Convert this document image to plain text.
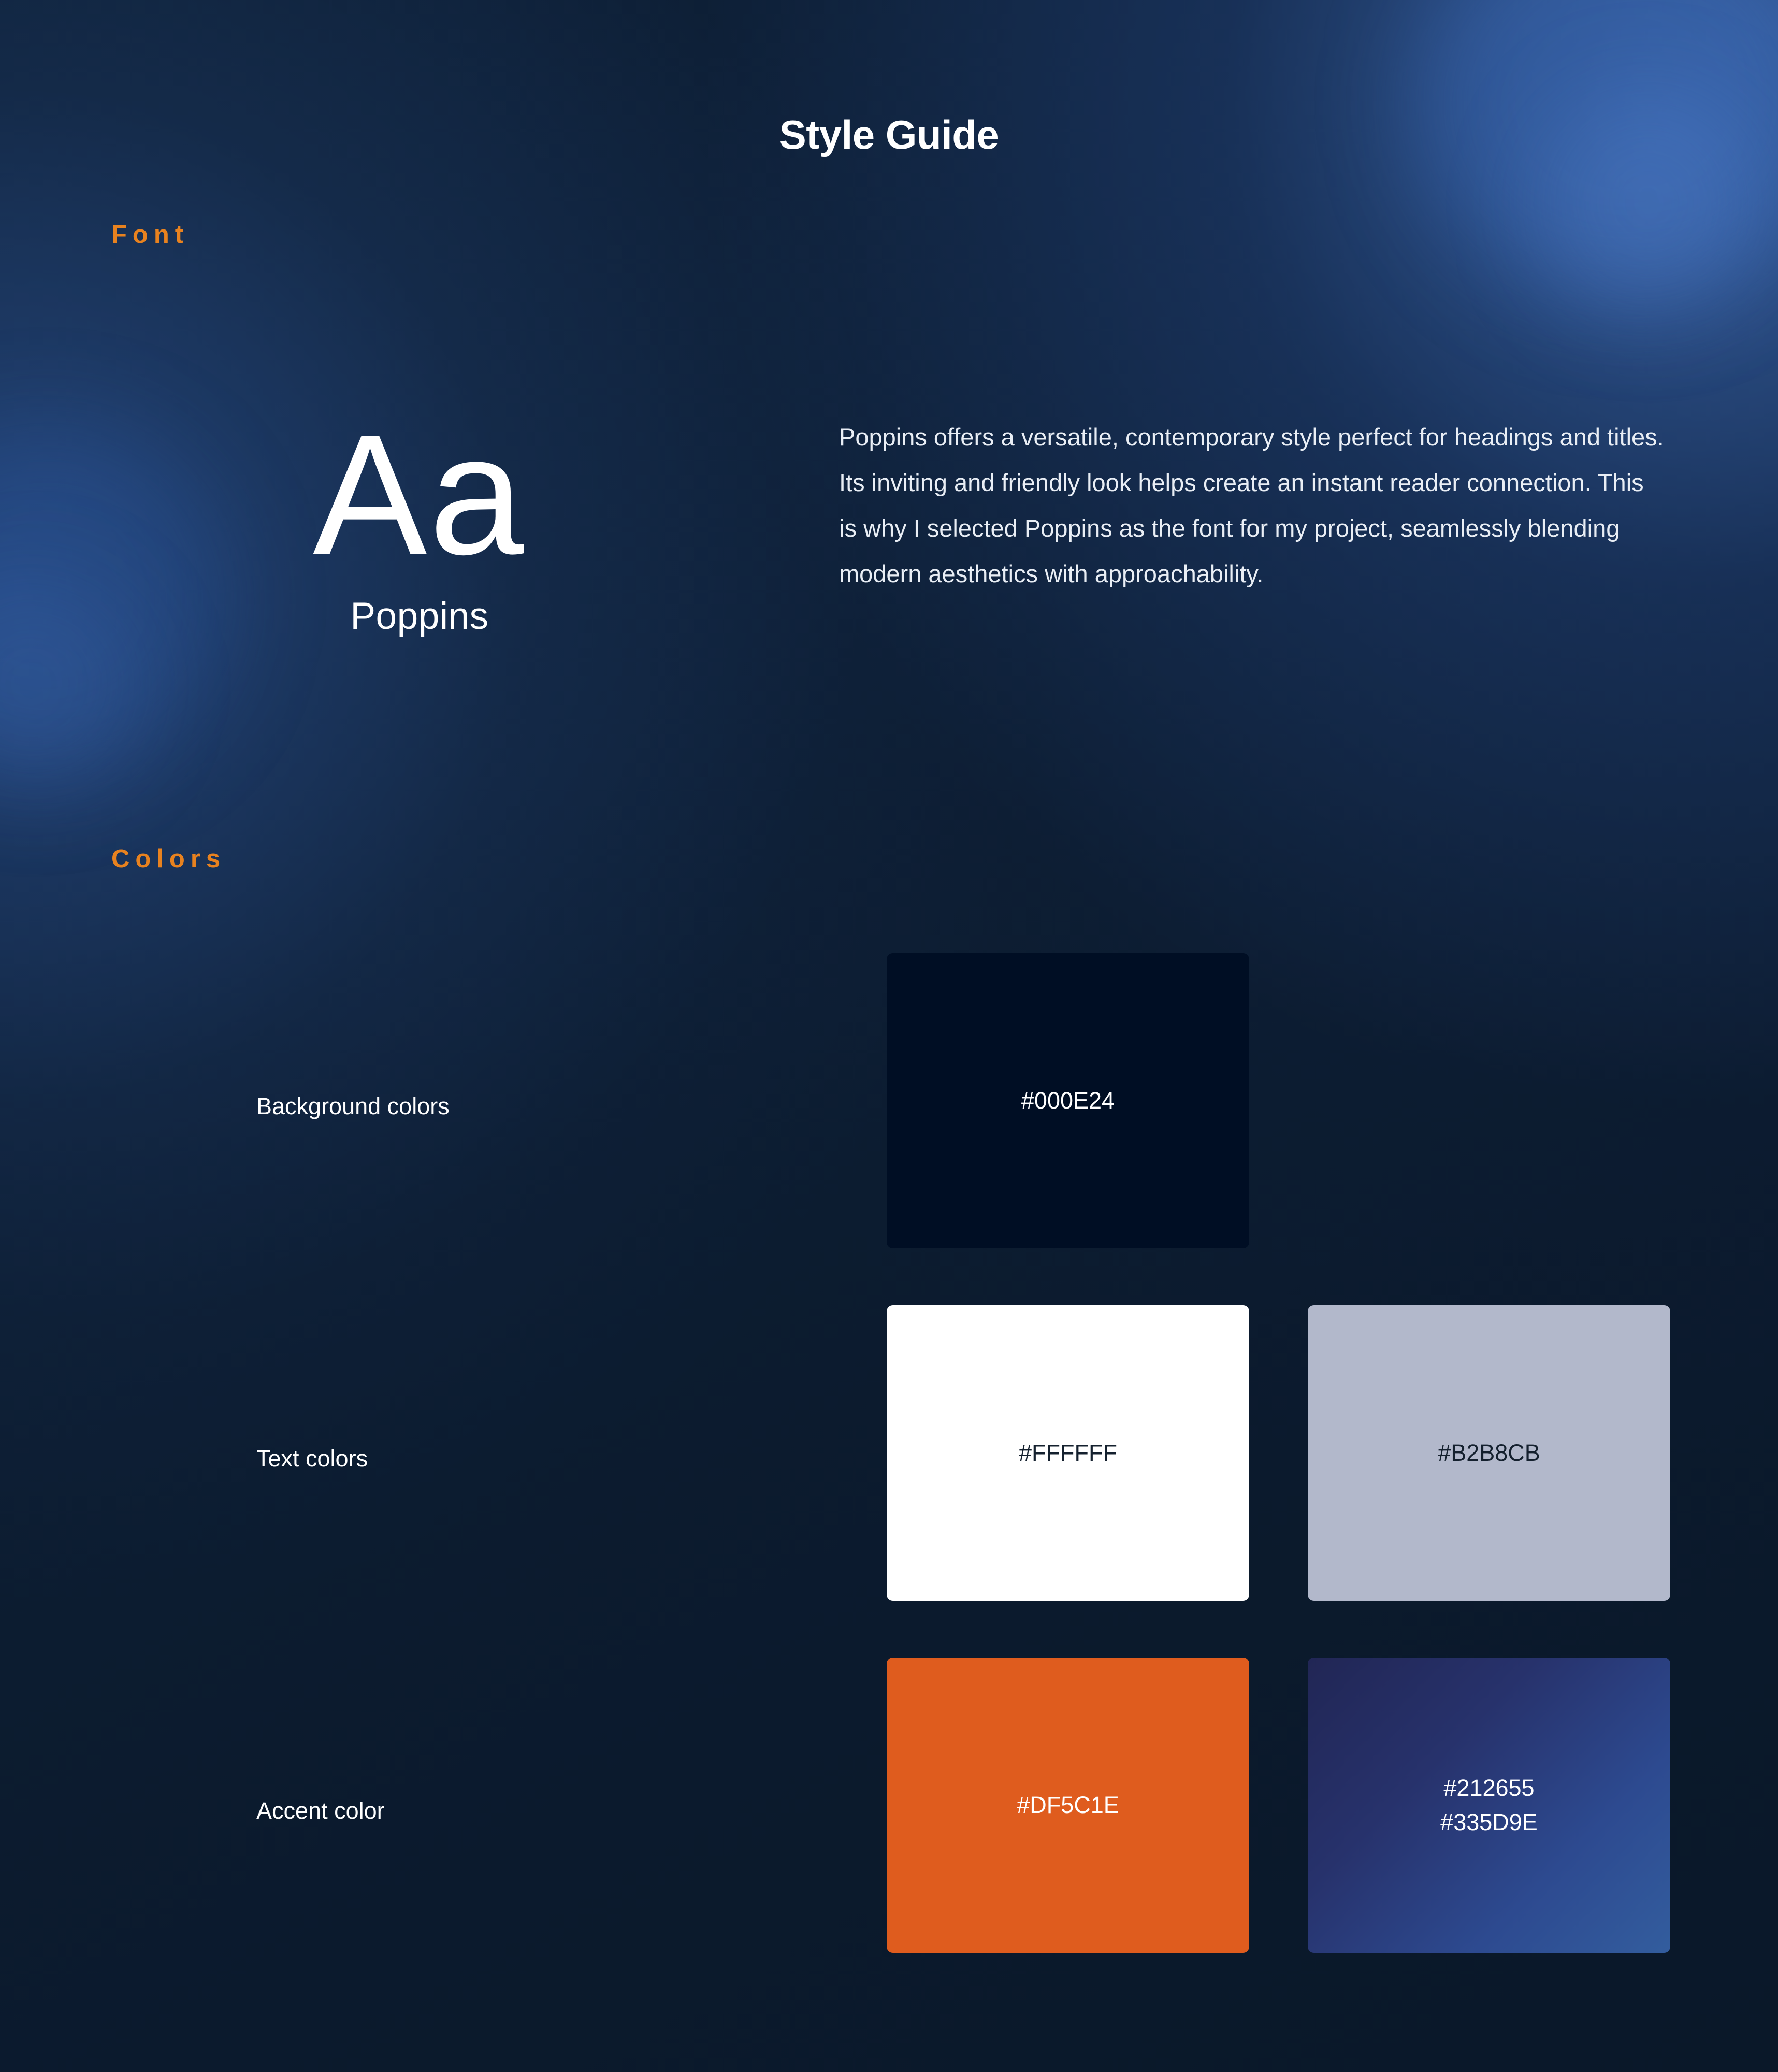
Style Guide
Font
Aa
Poppins
Poppins offers a versatile, contemporary style perfect for headings and titles. Its inviting and friendly look helps create an instant reader connection. This is why I selected Poppins as the font for my project, seamlessly blending modern aesthetics with approachability.
Colors
Background colors
Text colors
Accent color
#000E24
#FFFFFF	#B2B8CB
#DF5C1E
#212655
#335D9E
